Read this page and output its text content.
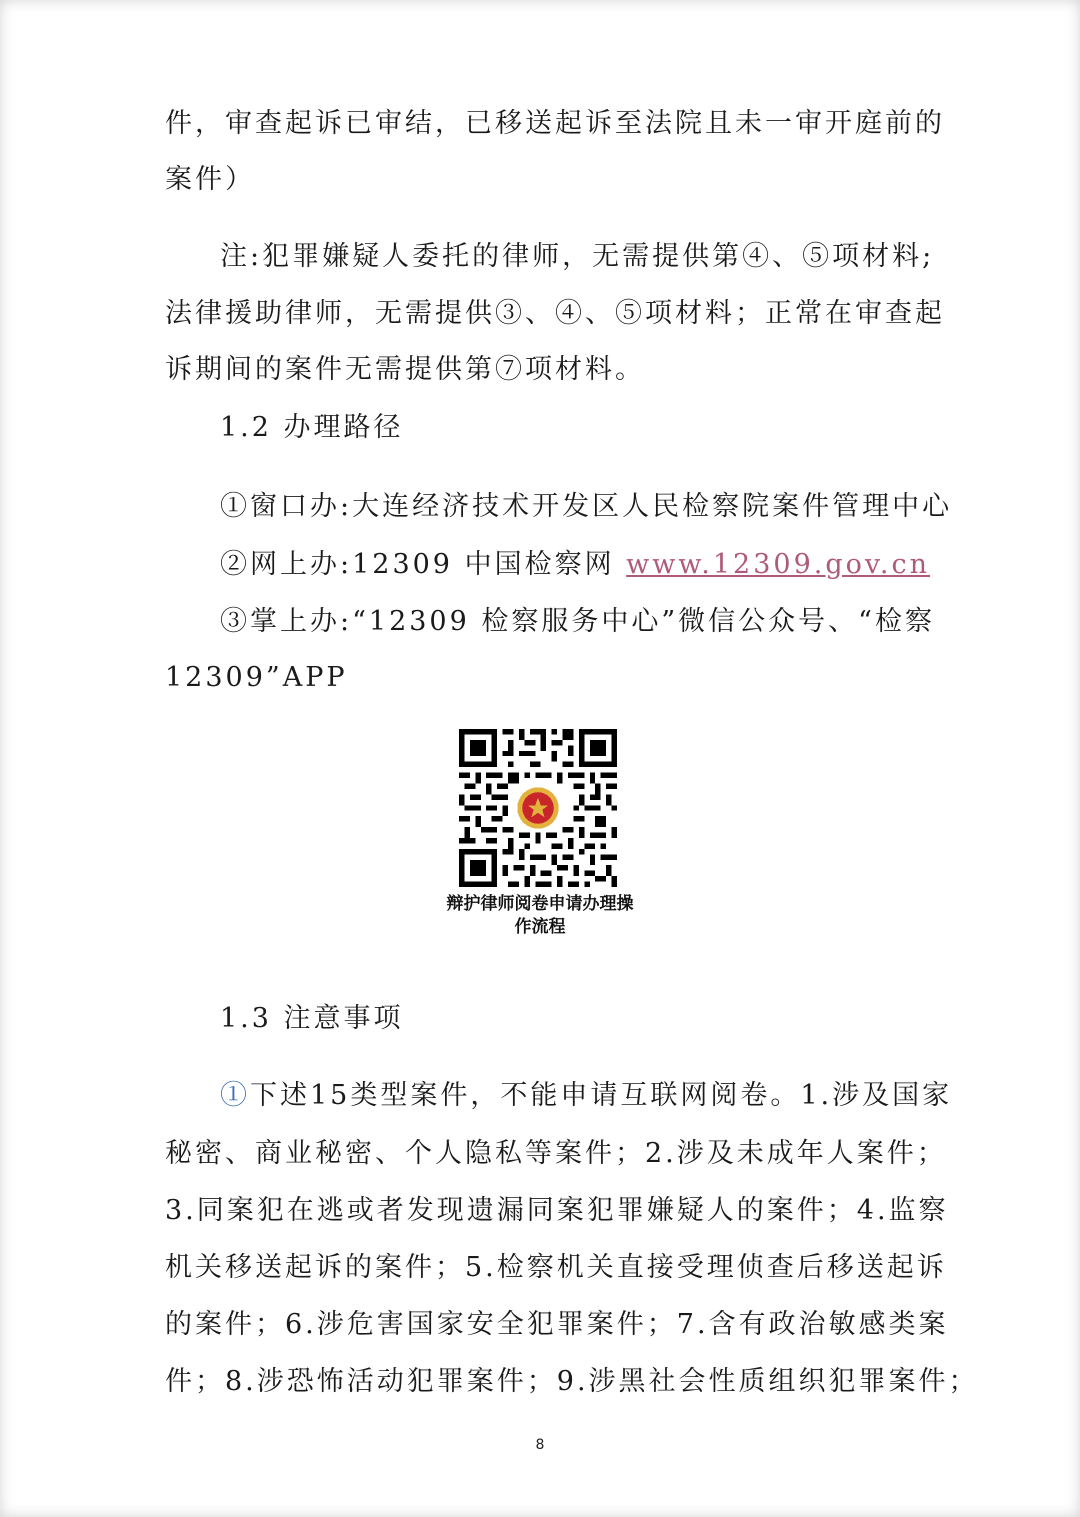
件，审查起诉已审结，已移送起诉至法院且未一审开庭前的
案件）
注:犯罪嫌疑人委托的律师，无需提供第④、⑤项材料;
法律援助律师，无需提供③、④、⑤项材料；正常在审查起
诉期间的案件无需提供第⑦项材料。
1.2 办理路径
①窗口办:大连经济技术开发区人民检察院案件管理中心
②网上办:12309 中国检察网 www.12309.gov.cn
③掌上办:“12309 检察服务中心”微信公众号、“检察
12309”APP
辩护律师阅卷申请办理操
作流程
1.3 注意事项
①下述15类型案件，不能申请互联网阅卷。1.涉及国家
秘密、商业秘密、个人隐私等案件；2.涉及未成年人案件；
3.同案犯在逃或者发现遗漏同案犯罪嫌疑人的案件；4.监察
机关移送起诉的案件；5.检察机关直接受理侦查后移送起诉
的案件；6.涉危害国家安全犯罪案件；7.含有政治敏感类案
件；8.涉恐怖活动犯罪案件；9.涉黑社会性质组织犯罪案件；
8
